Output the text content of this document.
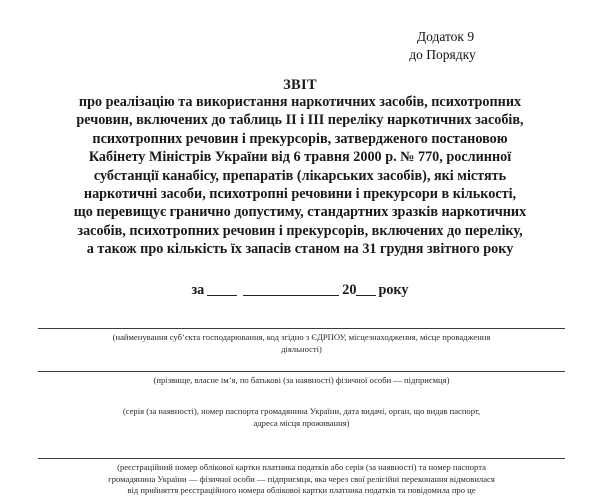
Додаток 9
до Порядку
ЗВІТ
про реалізацію та використання наркотичних засобів, психотропних
речовин, включених до таблиць II і III переліку наркотичних засобів,
психотропних речовин і прекурсорів, затвердженого постановою
Кабінету Міністрів України від 6 травня 2000 р. № 770, рослинної
субстанції канабісу, препаратів (лікарських засобів), які містять
наркотичні засоби, психотропні речовини і прекурсори в кількості,
що перевищує гранично допустиму, стандартних зразків наркотичних
засобів, психотропних речовин і прекурсорів, включених до переліку,
а також про кількість їх запасів станом на 31 грудня звітного року
за	20 року
(найменування субʼєкта господарювання, код згідно з ЄДРПОУ, місцезнаходження, місце провадження
діяльності)
(прізвище, власне ім’я, по батькові (за наявності) фізичної особи — підприємця)
(серія (за наявності), номер паспорта громадянина України, дата видачі, орган, що видав паспорт,
адреса місця проживання)
(реєстраційний номер облікової картки платника податків або серія (за наявності) та номер паспорта
громадянина України — фізичної особи — підприємця, яка через свої релігійні переконання відмовилася
від прийняття реєстраційного номера облікової картки платника податків та повідомила про це
